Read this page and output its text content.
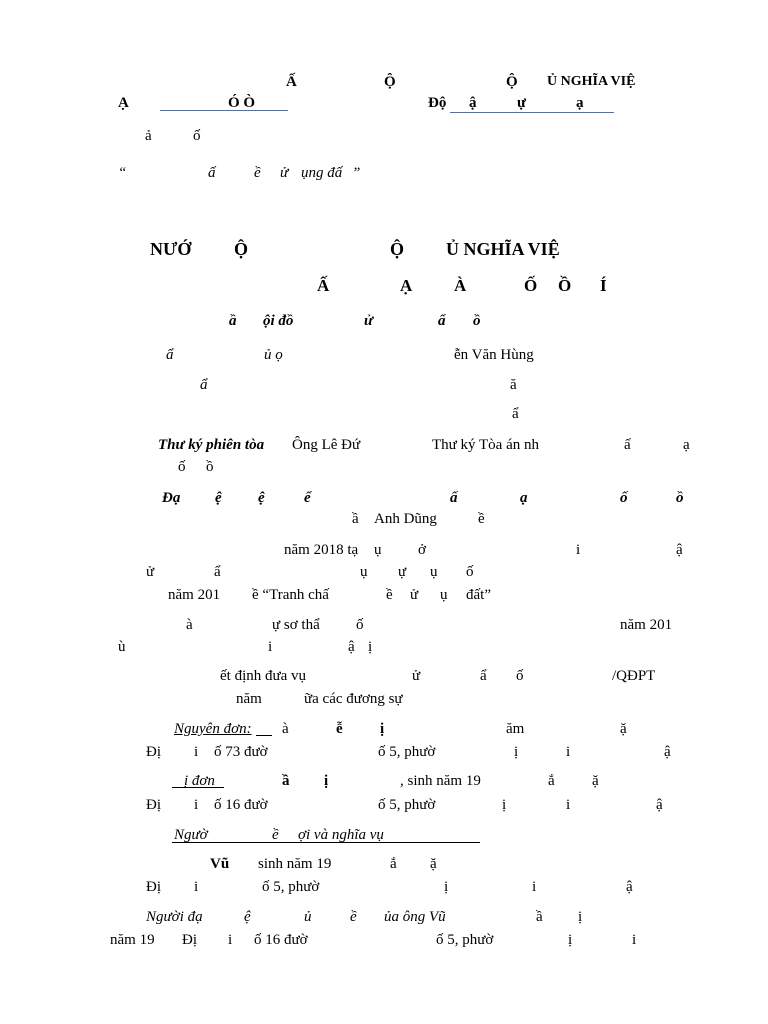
Ấ	Ộ	Ộ Ủ NGHĨA VIỆ
Ạ	Ó Ò	Độ ậ	ự	ạ
ả	ố
“	ấ	ề ử ụng đấ ”
NƯỚ Ộ	Ộ Ủ NGHĨA VIỆ
Ấ	Ạ À	Ố Ồ Í
ầ ội đồ	ử	ẩ ồ
ẩ	ủ ọ	ễn Văn Hùng
ẩ	ă
ẩ
Thư ký phiên tòa Ông Lê Đứ	Thư ký Tòa án nh	ấ	ạ
ố ồ
Đạ ệ ệ	ể	ấ	ạ	ố	ồ
ầ Anh Dũng	ề
năm 2018 tạ ụ ở	i	ậ
ử	ẩ	ụ ự ụ ố
năm 201 ề “Tranh chấ	ề ử ụ đất”
à	ự sơ thẩ ố	năm 201
ù	i	ậ ị
ết định đưa vụ	ử	ẩ ố	/QĐPT
năm	ữa các đương sự
Nguyên đơn: à	ễ ị	ăm	ặ
Đị i ố 73 đườ	ố 5, phườ	ị	i	ậ
ị đơn	ầ ị	, sinh năm 19	ắ ặ
Đị i ố 16 đườ	ố 5, phườ	ị	i	ậ
Ngườ	ề ợi và nghĩa vụ
Vũ sinh năm 19	ắ ặ
Đị i	ố 5, phườ	ị	i	ậ
Người đạ	ệ	ủ	ề ủa ông Vũ	ầ ị
năm 19 Đị i ố 16 đườ	ố 5, phườ	ị	i
